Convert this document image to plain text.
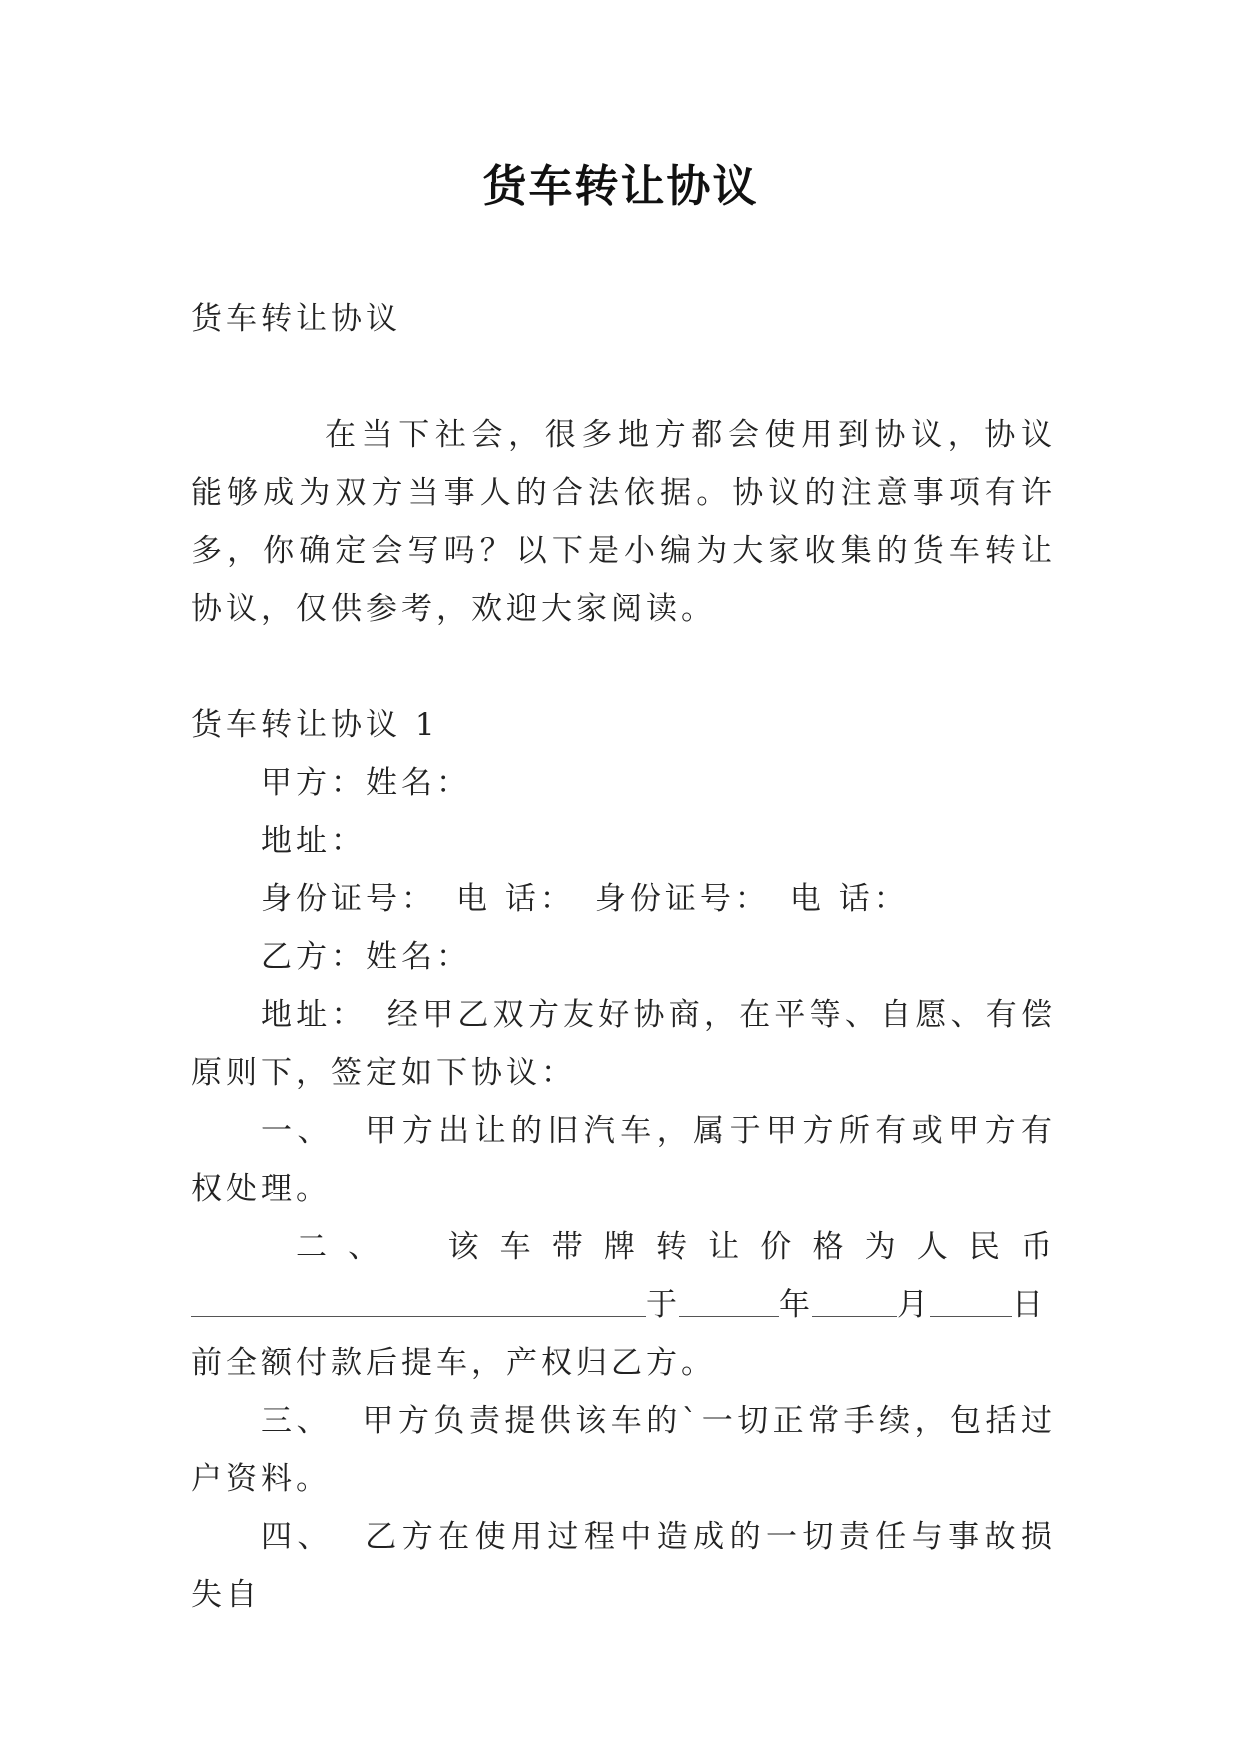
货车转让协议

货车转让协议

在当下社会，很多地方都会使用到协议，协议能够成为双方当事人的合法依据。协议的注意事项有许多，你确定会写吗？以下是小编为大家收集的货车转让协议，仅供参考，欢迎大家阅读。

货车转让协议 1

甲方：姓名：

地址：

身份证号： 电 话： 身份证号： 电 话：

乙方：姓名：

地址： 经甲乙双方友好协商，在平等、自愿、有偿原则下，签定如下协议：

一、 甲方出让的旧汽车，属于甲方所有或甲方有权处理。

二、 该车带牌转让价格为人民币

于	年	月	日

前全额付款后提车，产权归乙方。

三、 甲方负责提供该车的`一切正常手续，包括过户资料。

四、 乙方在使用过程中造成的一切责任与事故损失自
